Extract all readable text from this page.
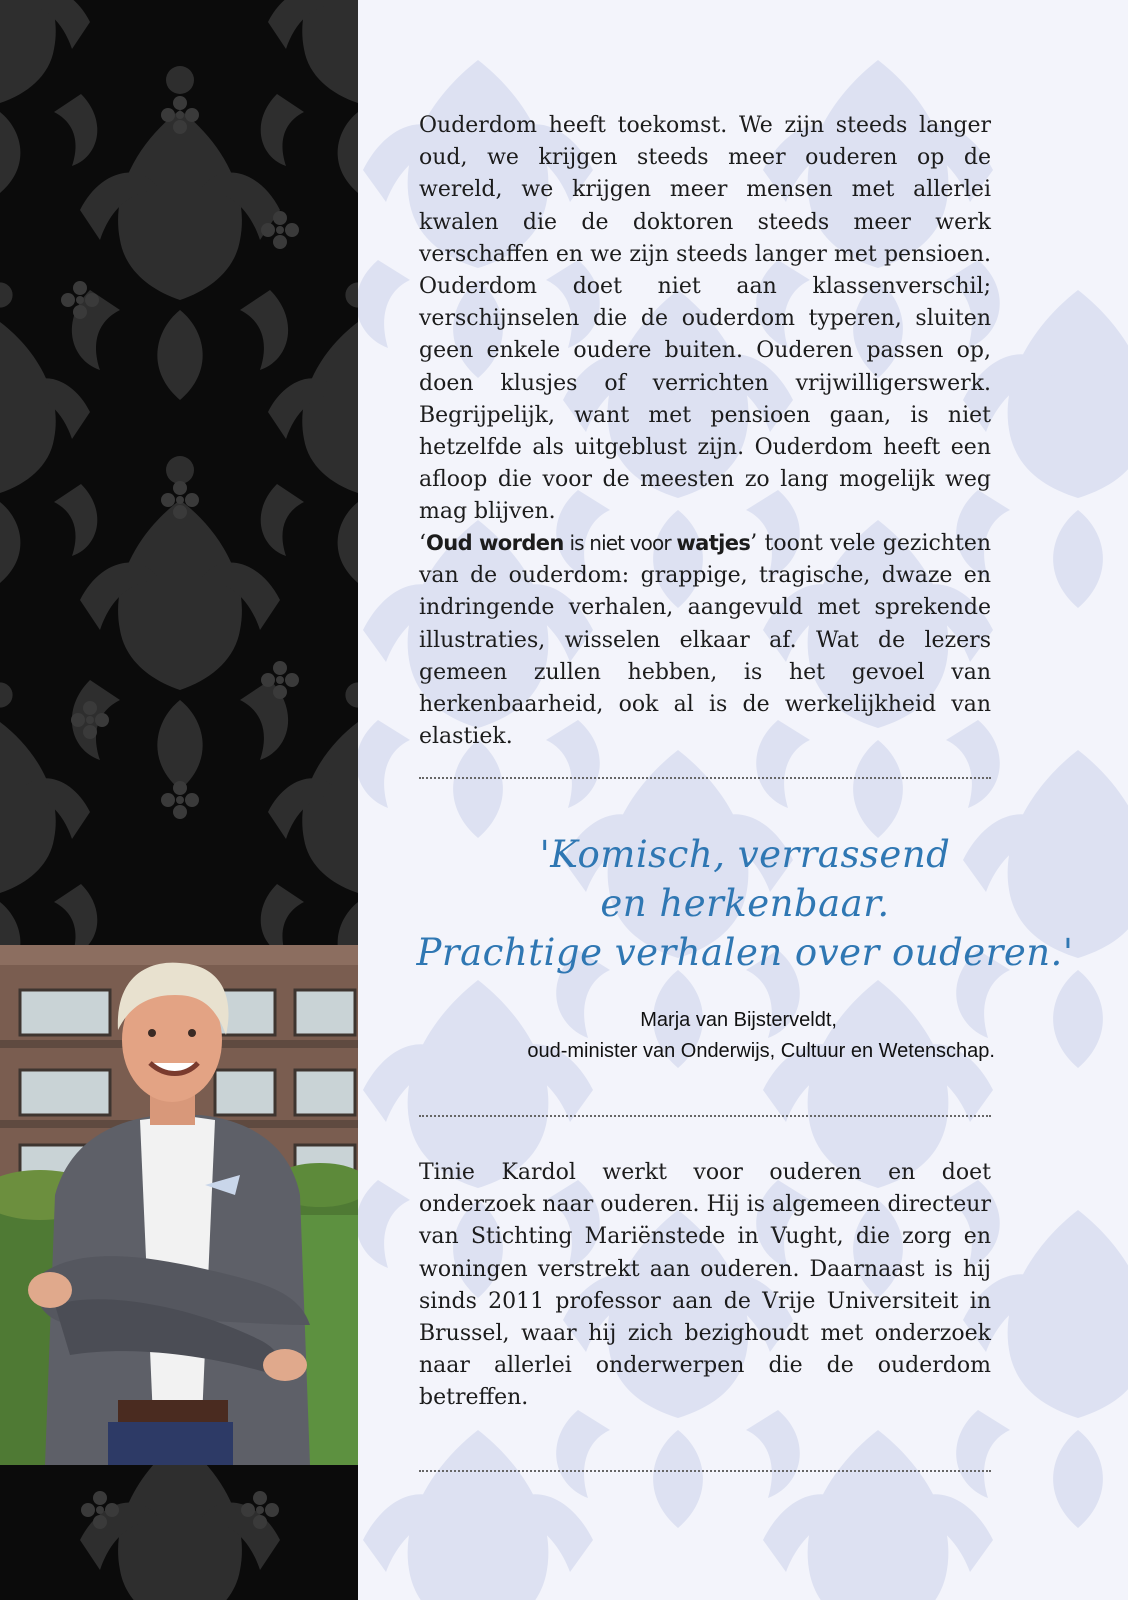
Ouderdom heeft toekomst. We zijn steeds langer oud, we krijgen steeds meer ouderen op de wereld, we krijgen meer mensen met allerlei kwalen die de doktoren steeds meer werk verschaffen en we zijn steeds langer met pensioen. Ouderdom doet niet aan klassenverschil; verschijnselen die de ouderdom typeren, sluiten geen enkele oudere buiten. Ouderen passen op, doen klusjes of verrichten vrijwilligerswerk. Begrijpelijk, want met pensioen gaan, is niet hetzelfde als uitgeblust zijn. Ouderdom heeft een afloop die voor de meesten zo lang mogelijk weg mag blijven.

‘Oud worden is niet voor watjes’ toont vele gezichten van de ouderdom: grappige, tragische, dwaze en indringende verhalen, aangevuld met sprekende illustraties, wisselen elkaar af. Wat de lezers gemeen zullen hebben, is het gevoel van herkenbaarheid, ook al is de werkelijkheid van elastiek.

'Komisch, verrassend
en herkenbaar.
Prachtige verhalen over ouderen.'

Marja van Bijsterveldt,
oud-minister van Onderwijs, Cultuur en Wetenschap.

Tinie Kardol werkt voor ouderen en doet onderzoek naar ouderen. Hij is algemeen directeur van Stichting Mariënstede in Vught, die zorg en woningen verstrekt aan ouderen. Daarnaast is hij sinds 2011 professor aan de Vrije Universiteit in Brussel, waar hij zich bezighoudt met onderzoek naar allerlei onderwerpen die de ouderdom betreffen.
